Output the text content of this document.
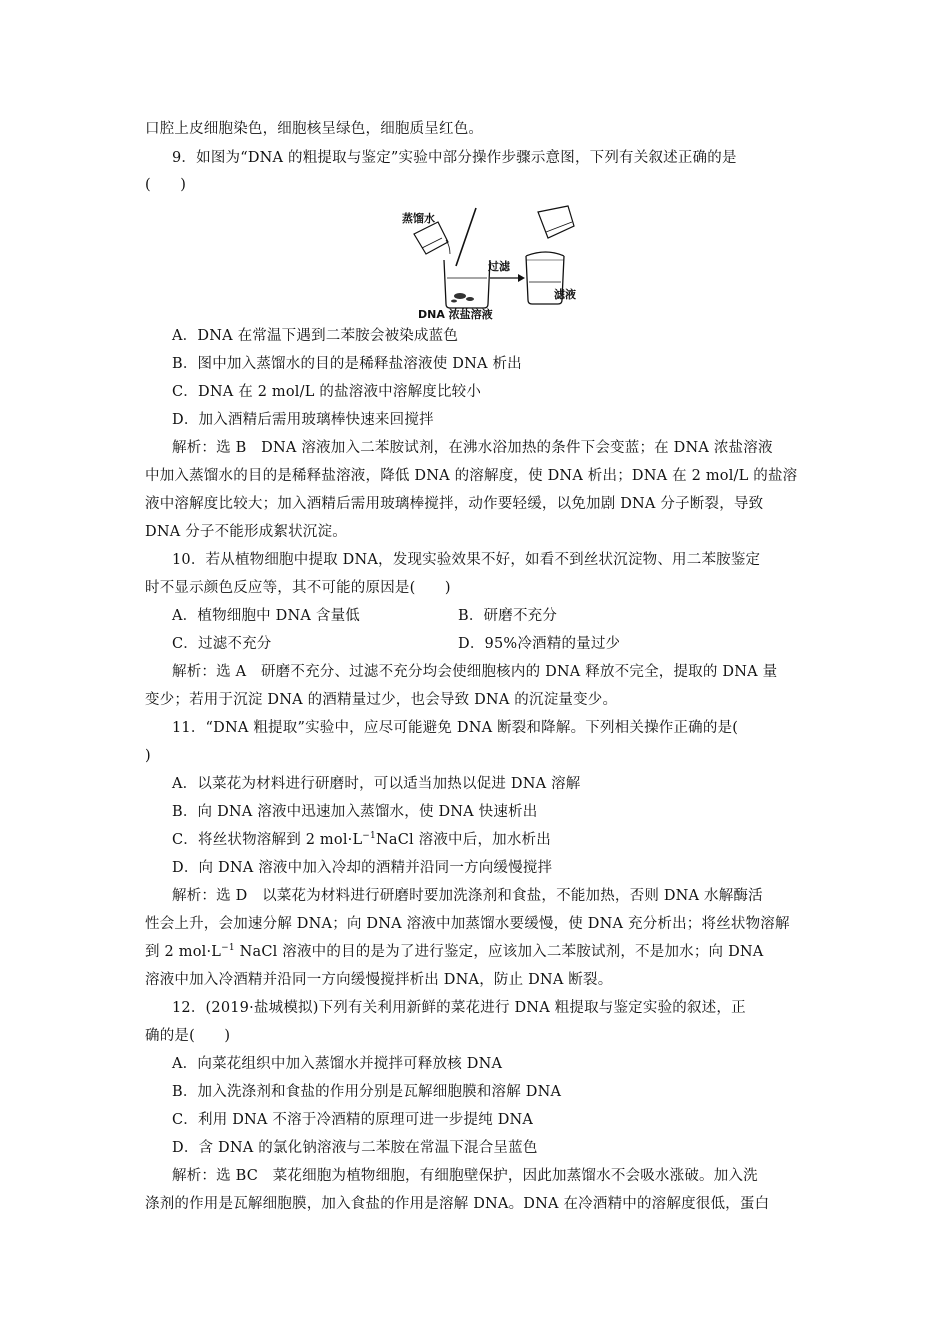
口腔上皮细胞染色，细胞核呈绿色，细胞质呈红色。
9．如图为“DNA 的粗提取与鉴定”实验中部分操作步骤示意图，下列有关叙述正确的是
(　　)
蒸馏水
过滤
滤液
DNA 浓盐溶液
A．DNA 在常温下遇到二苯胺会被染成蓝色
B．图中加入蒸馏水的目的是稀释盐溶液使 DNA 析出
C．DNA 在 2 mol/L 的盐溶液中溶解度比较小
D．加入酒精后需用玻璃棒快速来回搅拌
解析：选 B　DNA 溶液加入二苯胺试剂，在沸水浴加热的条件下会变蓝；在 DNA 浓盐溶液
中加入蒸馏水的目的是稀释盐溶液，降低 DNA 的溶解度，使 DNA 析出；DNA 在 2 mol/L 的盐溶
液中溶解度比较大；加入酒精后需用玻璃棒搅拌，动作要轻缓，以免加剧 DNA 分子断裂，导致
DNA 分子不能形成絮状沉淀。
10．若从植物细胞中提取 DNA，发现实验效果不好，如看不到丝状沉淀物、用二苯胺鉴定
时不显示颜色反应等，其不可能的原因是(　　)
A．植物细胞中 DNA 含量低	B．研磨不充分
C．过滤不充分	D．95%冷酒精的量过少
解析：选 A　研磨不充分、过滤不充分均会使细胞核内的 DNA 释放不完全，提取的 DNA 量
变少；若用于沉淀 DNA 的酒精量过少，也会导致 DNA 的沉淀量变少。
11．“DNA 粗提取”实验中，应尽可能避免 DNA 断裂和降解。下列相关操作正确的是(
)
A．以菜花为材料进行研磨时，可以适当加热以促进 DNA 溶解
B．向 DNA 溶液中迅速加入蒸馏水，使 DNA 快速析出
C．将丝状物溶解到 2 $mol\cdot L^{-1}NaCl$ 溶液中后，加水析出
D．向 DNA 溶液中加入冷却的酒精并沿同一方向缓慢搅拌
解析：选 D　以菜花为材料进行研磨时要加洗涤剂和食盐，不能加热，否则 DNA 水解酶活
性会上升，会加速分解 DNA；向 DNA 溶液中加蒸馏水要缓慢，使 DNA 充分析出；将丝状物溶解
到 2 $mol\cdot L^{-1}$ NaCl 溶液中的目的是为了进行鉴定，应该加入二苯胺试剂，不是加水；向 DNA
溶液中加入冷酒精并沿同一方向缓慢搅拌析出 DNA，防止 DNA 断裂。
12．(2019·盐城模拟)下列有关利用新鲜的菜花进行 DNA 粗提取与鉴定实验的叙述，正
确的是(　　)
A．向菜花组织中加入蒸馏水并搅拌可释放核 DNA
B．加入洗涤剂和食盐的作用分别是瓦解细胞膜和溶解 DNA
C．利用 DNA 不溶于冷酒精的原理可进一步提纯 DNA
D．含 DNA 的氯化钠溶液与二苯胺在常温下混合呈蓝色
解析：选 BC　菜花细胞为植物细胞，有细胞壁保护，因此加蒸馏水不会吸水涨破。加入洗
涤剂的作用是瓦解细胞膜，加入食盐的作用是溶解 DNA。DNA 在冷酒精中的溶解度很低，蛋白
